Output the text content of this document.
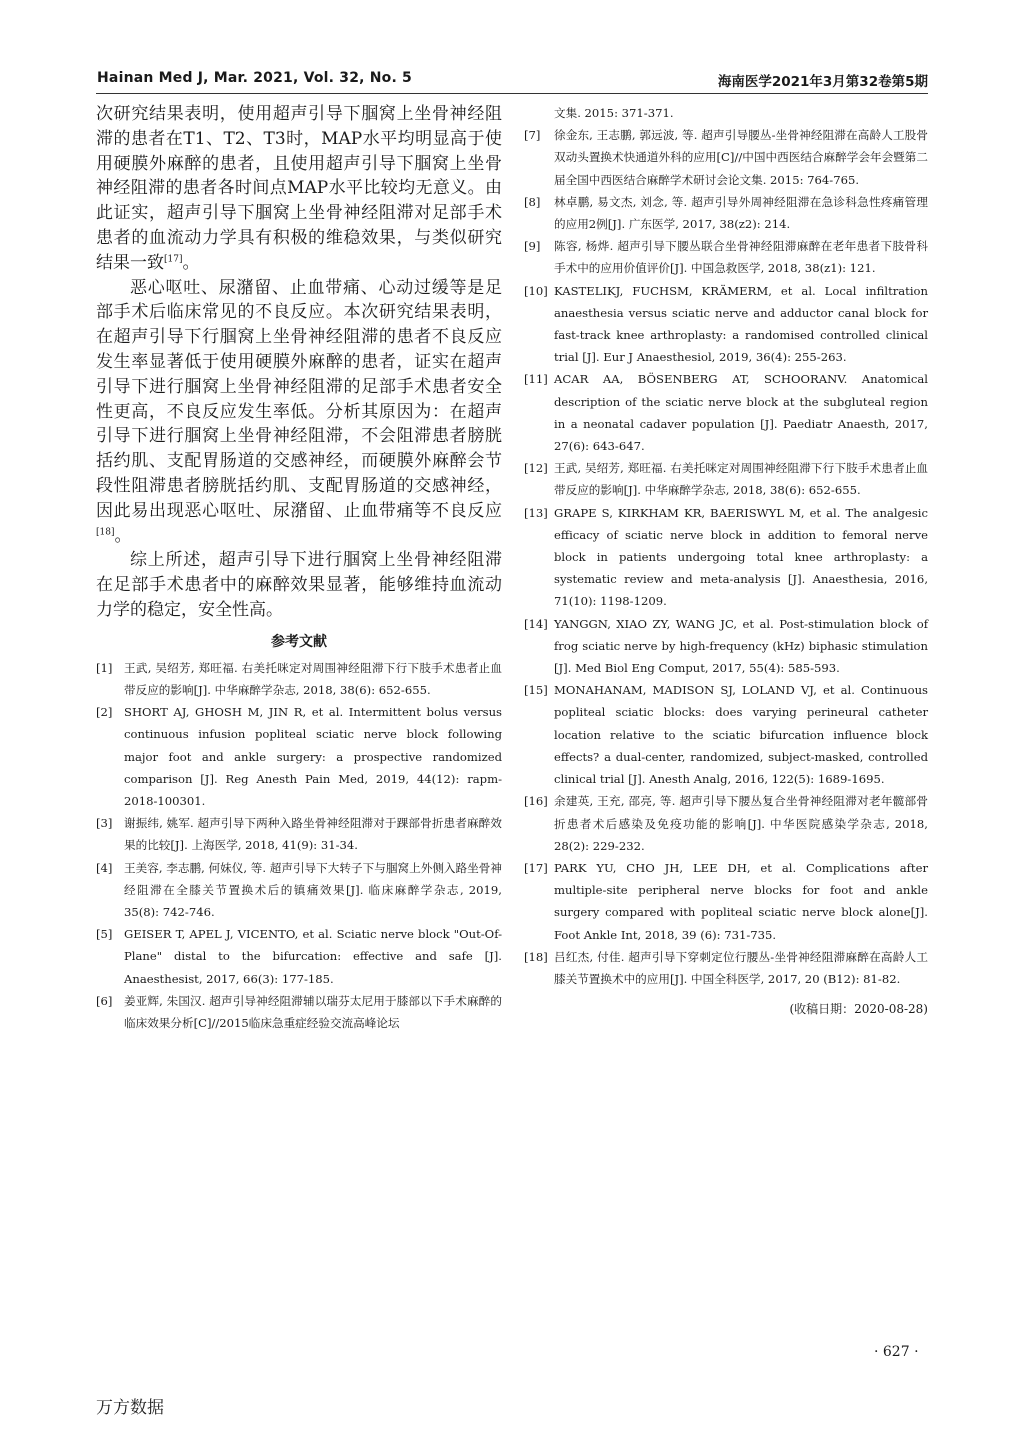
Hainan Med J, Mar. 2021, Vol. 32, No. 5	海南医学2021年3月第32卷第5期

次研究结果表明，使用超声引导下腘窝上坐骨神经阻滞的患者在T1、T2、T3时，MAP水平均明显高于使用硬膜外麻醉的患者，且使用超声引导下腘窝上坐骨神经阻滞的患者各时间点MAP水平比较均无意义。由此证实，超声引导下腘窝上坐骨神经阻滞对足部手术患者的血流动力学具有积极的维稳效果，与类似研究结果一致[17]。

恶心呕吐、尿潴留、止血带痛、心动过缓等是足部手术后临床常见的不良反应。本次研究结果表明，在超声引导下行腘窝上坐骨神经阻滞的患者不良反应发生率显著低于使用硬膜外麻醉的患者，证实在超声引导下进行腘窝上坐骨神经阻滞的足部手术患者安全性更高，不良反应发生率低。分析其原因为：在超声引导下进行腘窝上坐骨神经阻滞，不会阻滞患者膀胱括约肌、支配胃肠道的交感神经，而硬膜外麻醉会节段性阻滞患者膀胱括约肌、支配胃肠道的交感神经，因此易出现恶心呕吐、尿潴留、止血带痛等不良反应[18]。

综上所述，超声引导下进行腘窝上坐骨神经阻滞在足部手术患者中的麻醉效果显著，能够维持血流动力学的稳定，安全性高。

参考文献
[1] 王武, 吴绍芳, 郑旺福. 右美托咪定对周围神经阻滞下行下肢手术患者止血带反应的影响[J]. 中华麻醉学杂志, 2018, 38(6): 652-655.
[2] SHORT AJ, GHOSH M, JIN R, et al. Intermittent bolus versus continuous infusion popliteal sciatic nerve block following major foot and ankle surgery: a prospective randomized comparison [J]. Reg Anesth Pain Med, 2019, 44(12): rapm-2018-100301.
[3] 谢振纬, 姚军. 超声引导下两种入路坐骨神经阻滞对于踝部骨折患者麻醉效果的比较[J]. 上海医学, 2018, 41(9): 31-34.
[4] 王美容, 李志鹏, 何妹仪, 等. 超声引导下大转子下与腘窝上外侧入路坐骨神经阻滞在全膝关节置换术后的镇痛效果[J]. 临床麻醉学杂志, 2019, 35(8): 742-746.
[5] GEISER T, APEL J, VICENTO, et al. Sciatic nerve block "Out-Of-Plane" distal to the bifurcation: effective and safe [J]. Anaesthesist, 2017, 66(3): 177-185.
[6] 姜亚辉, 朱国汉. 超声引导神经阻滞辅以瑞芬太尼用于膝部以下手术麻醉的临床效果分析[C]//2015临床急重症经验交流高峰论坛
文集. 2015: 371-371.
[7]	徐金东, 王志鹏, 郭远波, 等. 超声引导腰丛-坐骨神经阻滞在高龄人工股骨双动头置换术快通道外科的应用[C]//中国中西医结合麻醉学会年会暨第二届全国中西医结合麻醉学术研讨会论文集. 2015: 764-765.
[8]	林卓鹏, 易文杰, 刘念, 等. 超声引导外周神经阻滞在急诊科急性疼痛管理的应用2例[J]. 广东医学, 2017, 38(z2): 214.
[9]	陈容, 杨烨. 超声引导下腰丛联合坐骨神经阻滞麻醉在老年患者下肢骨科手术中的应用价值评价[J]. 中国急救医学, 2018, 38(z1): 121.
[10] KASTELIKJ, FUCHSM, KRÄMERM, et al. Local infiltration anaesthesia versus sciatic nerve and adductor canal block for fast-track knee arthroplasty: a randomised controlled clinical trial [J]. Eur J Anaesthesiol, 2019, 36(4): 255-263.
[11] ACAR AA, BÖSENBERG AT, SCHOORANV. Anatomical description of the sciatic nerve block at the subgluteal region in a neonatal cadaver population [J]. Paediatr Anaesth, 2017, 27(6): 643-647.
[12] 王武, 吴绍芳, 郑旺福. 右美托咪定对周围神经阻滞下行下肢手术患者止血带反应的影响[J]. 中华麻醉学杂志, 2018, 38(6): 652-655.
[13] GRAPE S, KIRKHAM KR, BAERISWYL M, et al. The analgesic efficacy of sciatic nerve block in addition to femoral nerve block in patients undergoing total knee arthroplasty: a systematic review and meta-analysis [J]. Anaesthesia, 2016, 71(10): 1198-1209.
[14] YANGGN, XIAO ZY, WANG JC, et al. Post-stimulation block of frog sciatic nerve by high-frequency (kHz) biphasic stimulation [J]. Med Biol Eng Comput, 2017, 55(4): 585-593.
[15] MONAHANAM, MADISON SJ, LOLAND VJ, et al. Continuous popliteal sciatic blocks: does varying perineural catheter location relative to the sciatic bifurcation influence block effects? a dual-center, randomized, subject-masked, controlled clinical trial [J]. Anesth Analg, 2016, 122(5): 1689-1695.
[16] 余建英, 王充, 邵亮, 等. 超声引导下腰丛复合坐骨神经阻滞对老年髋部骨折患者术后感染及免疫功能的影响[J]. 中华医院感染学杂志, 2018, 28(2): 229-232.
[17] PARK YU, CHO JH, LEE DH, et al. Complications after multiple-site peripheral nerve blocks for foot and ankle surgery compared with popliteal sciatic nerve block alone[J]. Foot Ankle Int, 2018, 39 (6): 731-735.
[18] 吕红杰, 付佳. 超声引导下穿刺定位行腰丛-坐骨神经阻滞麻醉在高龄人工膝关节置换术中的应用[J]. 中国全科医学, 2017, 20 (B12): 81-82.
(收稿日期：2020-08-28)
· 627 ·
万方数据
